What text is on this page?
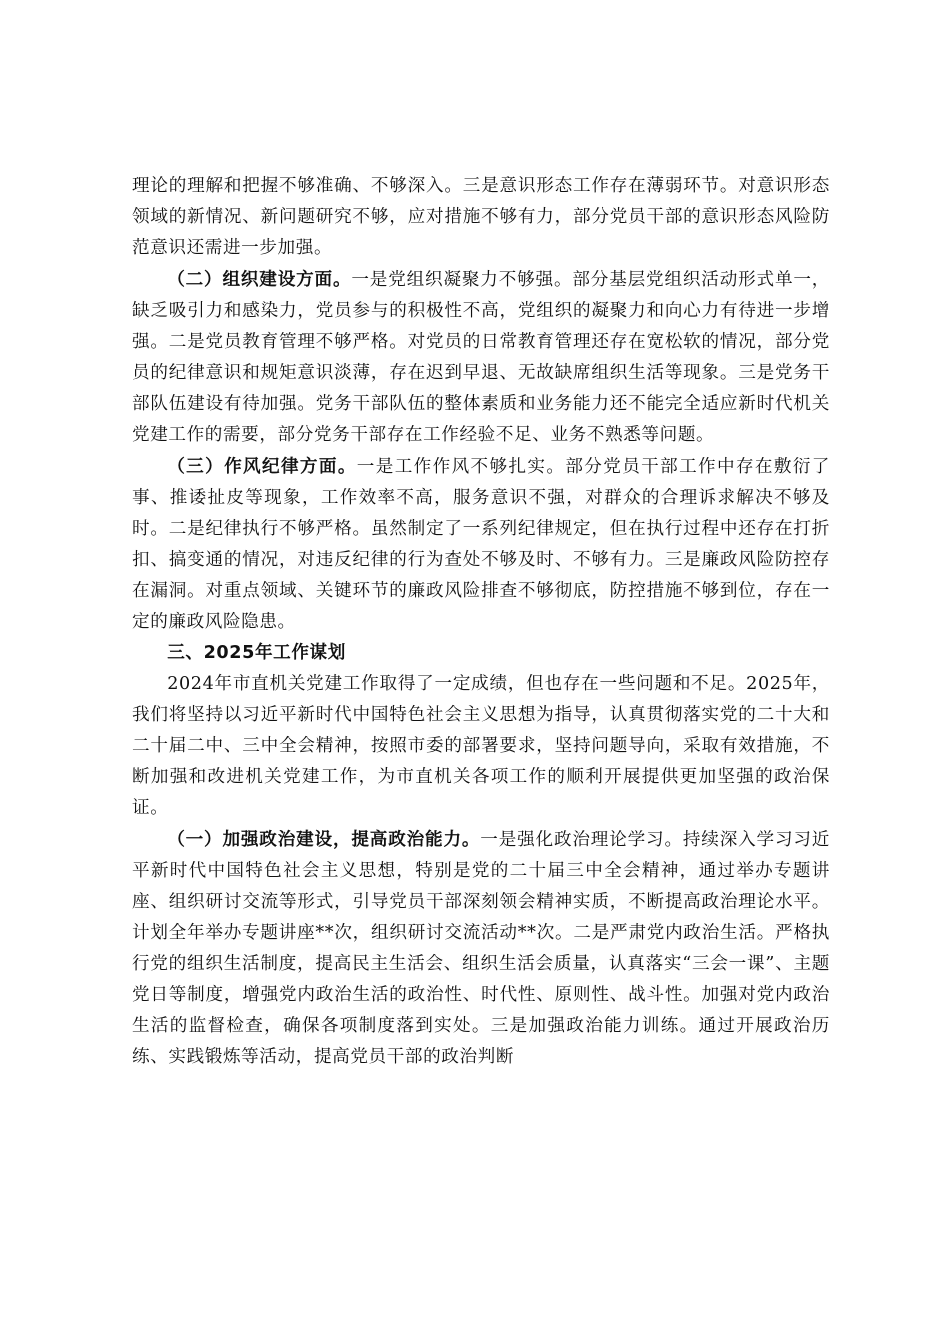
理论的理解和把握不够准确、不够深入。三是意识形态工作存在薄弱环节。对意识形态领域的新情况、新问题研究不够，应对措施不够有力，部分党员干部的意识形态风险防范意识还需进一步加强。

（二）组织建设方面。一是党组织凝聚力不够强。部分基层党组织活动形式单一，缺乏吸引力和感染力，党员参与的积极性不高，党组织的凝聚力和向心力有待进一步增强。二是党员教育管理不够严格。对党员的日常教育管理还存在宽松软的情况，部分党员的纪律意识和规矩意识淡薄，存在迟到早退、无故缺席组织生活等现象。三是党务干部队伍建设有待加强。党务干部队伍的整体素质和业务能力还不能完全适应新时代机关党建工作的需要，部分党务干部存在工作经验不足、业务不熟悉等问题。

（三）作风纪律方面。一是工作作风不够扎实。部分党员干部工作中存在敷衍了事、推诿扯皮等现象，工作效率不高，服务意识不强，对群众的合理诉求解决不够及时。二是纪律执行不够严格。虽然制定了一系列纪律规定，但在执行过程中还存在打折扣、搞变通的情况，对违反纪律的行为查处不够及时、不够有力。三是廉政风险防控存在漏洞。对重点领域、关键环节的廉政风险排查不够彻底，防控措施不够到位，存在一定的廉政风险隐患。

三、2025年工作谋划

2024年市直机关党建工作取得了一定成绩，但也存在一些问题和不足。2025年，我们将坚持以习近平新时代中国特色社会主义思想为指导，认真贯彻落实党的二十大和二十届二中、三中全会精神，按照市委的部署要求，坚持问题导向，采取有效措施，不断加强和改进机关党建工作，为市直机关各项工作的顺利开展提供更加坚强的政治保证。

（一）加强政治建设，提高政治能力。一是强化政治理论学习。持续深入学习习近平新时代中国特色社会主义思想，特别是党的二十届三中全会精神，通过举办专题讲座、组织研讨交流等形式，引导党员干部深刻领会精神实质，不断提高政治理论水平。计划全年举办专题讲座**次，组织研讨交流活动**次。二是严肃党内政治生活。严格执行党的组织生活制度，提高民主生活会、组织生活会质量，认真落实“三会一课”、主题党日等制度，增强党内政治生活的政治性、时代性、原则性、战斗性。加强对党内政治生活的监督检查，确保各项制度落到实处。三是加强政治能力训练。通过开展政治历练、实践锻炼等活动，提高党员干部的政治判断
